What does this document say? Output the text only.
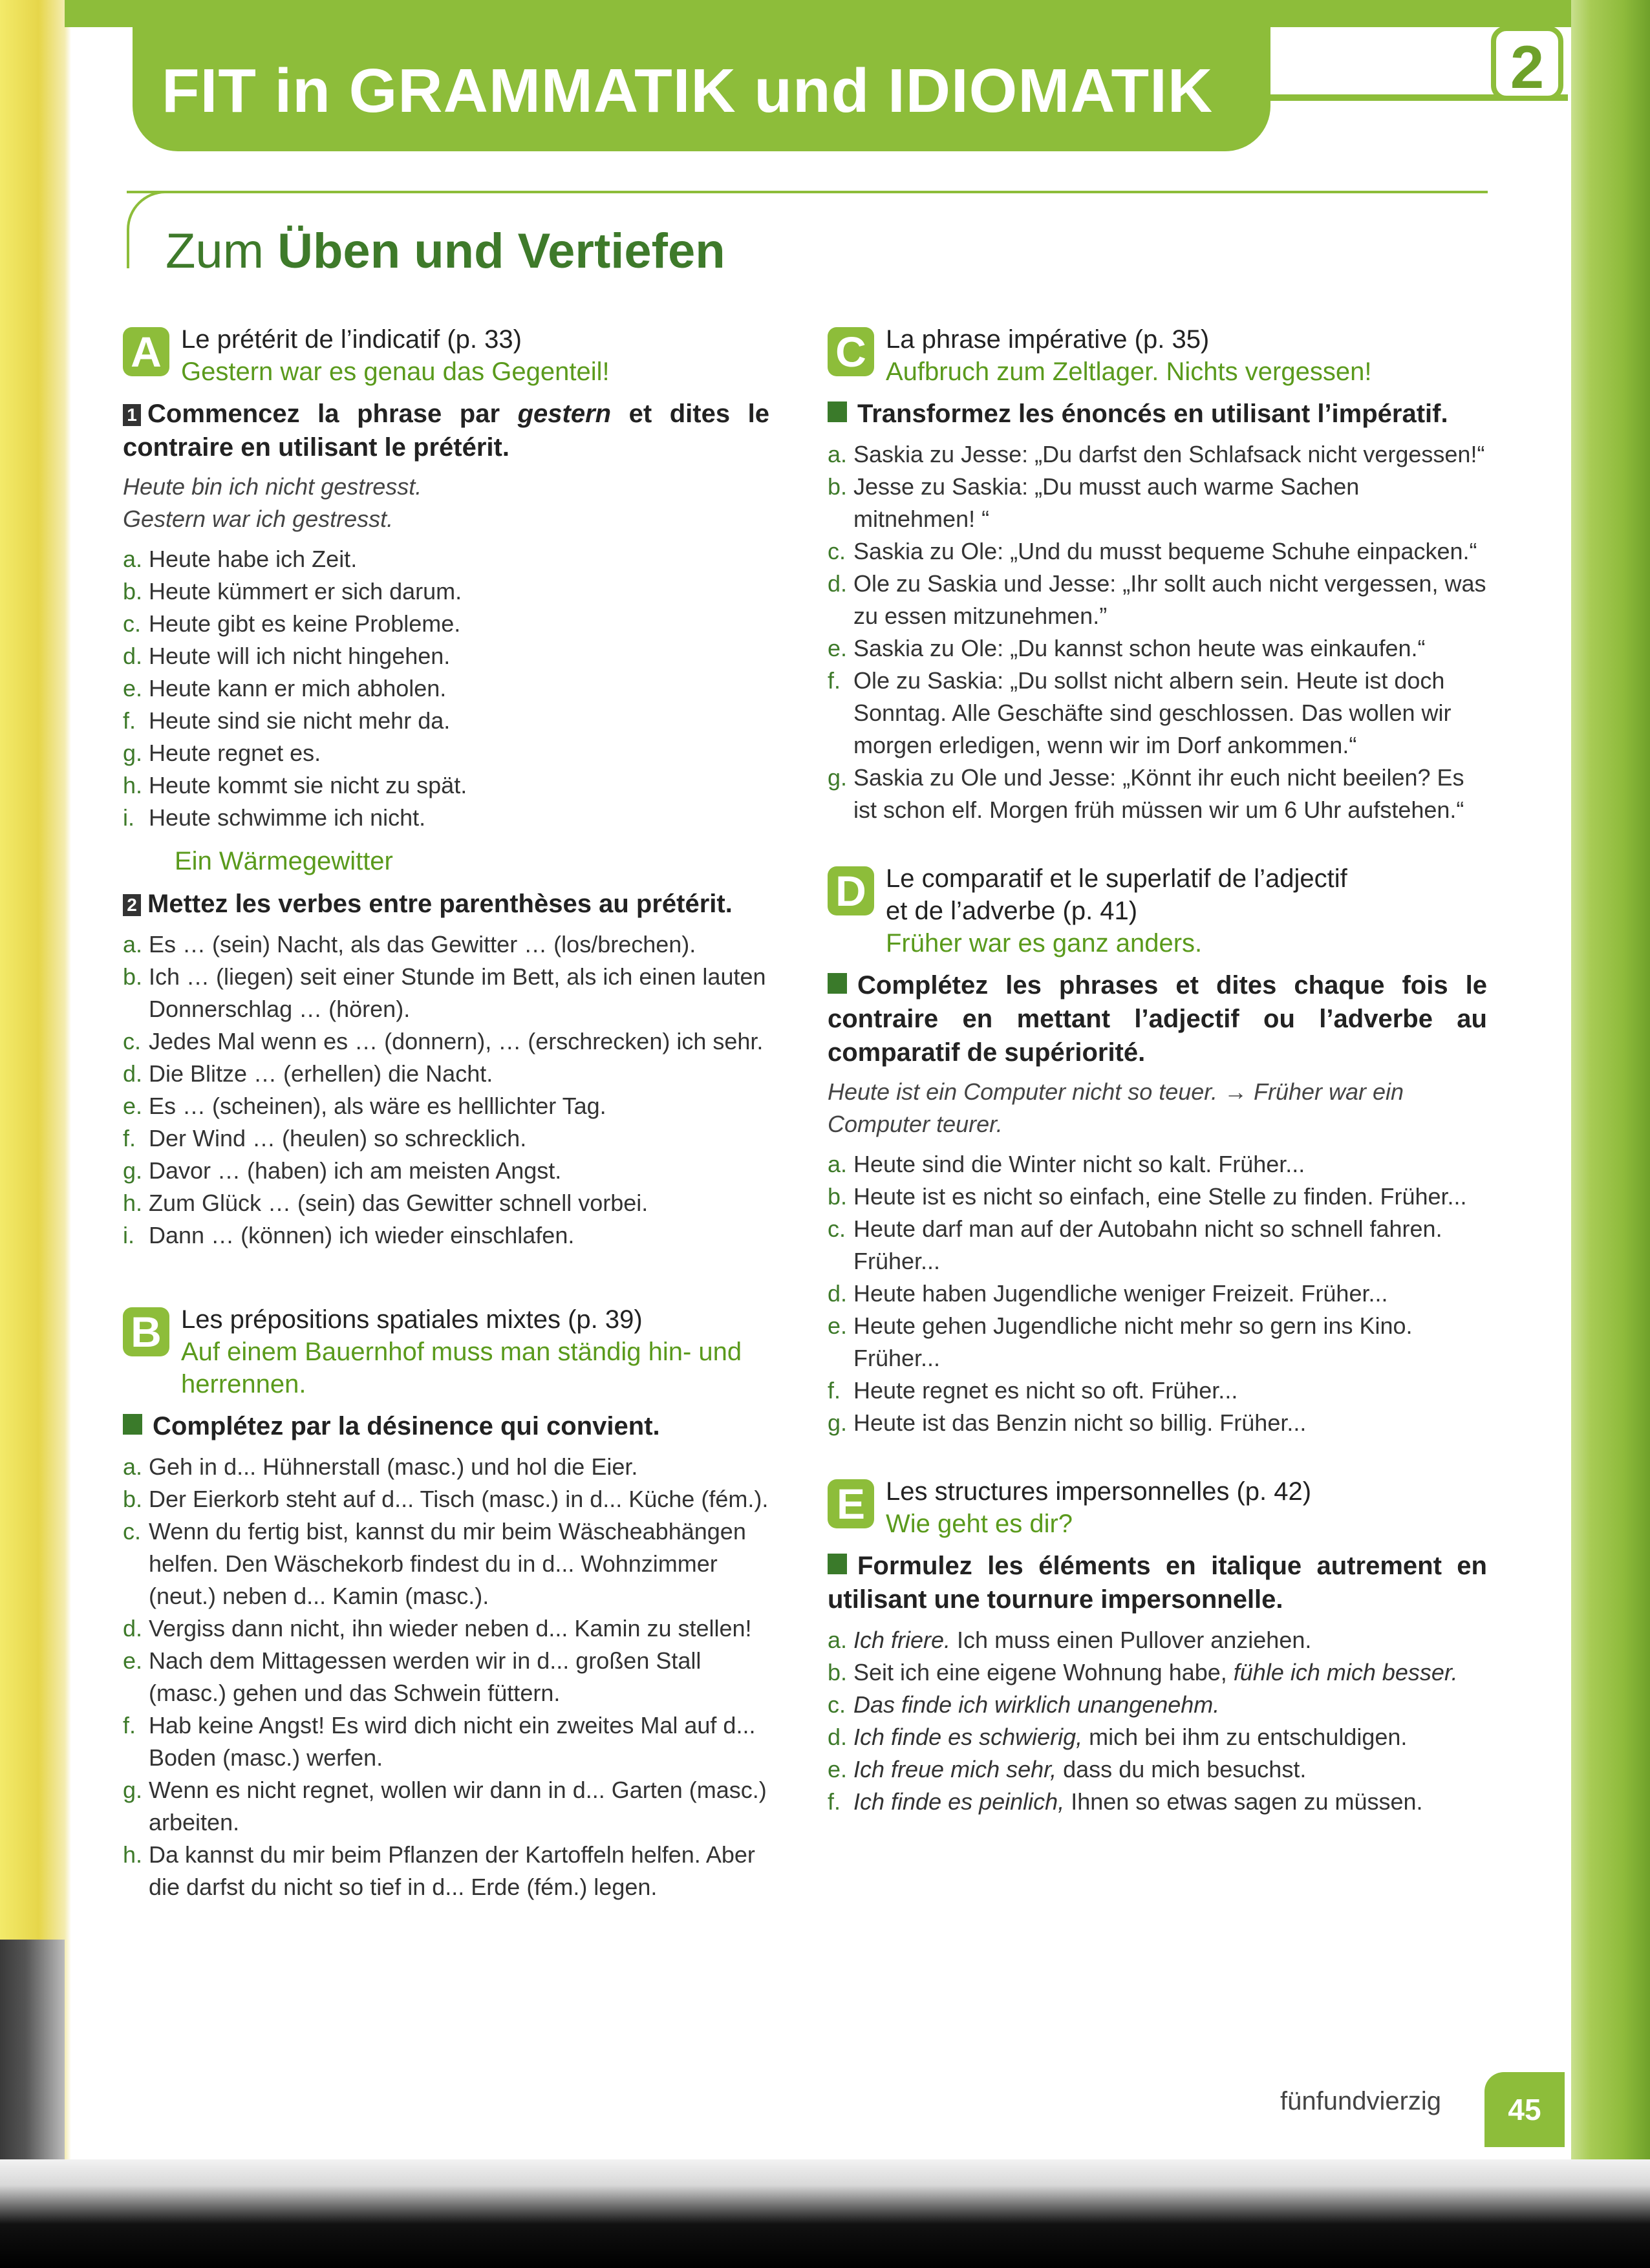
FIT in GRAMMATIK und IDIOMATIK	2
Zum Üben und Vertiefen
A Le prétérit de l’indicatif (p. 33)
Gestern war es genau das Gegenteil!
1 Commencez la phrase par gestern et dites le contraire en utilisant le prétérit.
Heute bin ich nicht gestresst.
Gestern war ich gestresst.
a. Heute habe ich Zeit.
b. Heute kümmert er sich darum.
c. Heute gibt es keine Probleme.
d. Heute will ich nicht hingehen.
e. Heute kann er mich abholen.
f. Heute sind sie nicht mehr da.
g. Heute regnet es.
h. Heute kommt sie nicht zu spät.
i. Heute schwimme ich nicht.
Ein Wärmegewitter
2 Mettez les verbes entre parenthèses au prétérit.
a. Es … (sein) Nacht, als das Gewitter … (los/brechen).
b. Ich … (liegen) seit einer Stunde im Bett, als ich einen lauten Donnerschlag … (hören).
c. Jedes Mal wenn es … (donnern), … (erschrecken) ich sehr.
d. Die Blitze … (erhellen) die Nacht.
e. Es … (scheinen), als wäre es helllichter Tag.
f. Der Wind … (heulen) so schrecklich.
g. Davor … (haben) ich am meisten Angst.
h. Zum Glück … (sein) das Gewitter schnell vorbei.
i. Dann … (können) ich wieder einschlafen.
B Les prépositions spatiales mixtes (p. 39)
Auf einem Bauernhof muss man ständig hin- und herrennen.
Complétez par la désinence qui convient.
a. Geh in d... Hühnerstall (masc.) und hol die Eier.
b. Der Eierkorb steht auf d... Tisch (masc.) in d... Küche (fém.).
c. Wenn du fertig bist, kannst du mir beim Wäscheabhängen helfen. Den Wäschekorb findest du in d... Wohnzimmer (neut.) neben d... Kamin (masc.).
d. Vergiss dann nicht, ihn wieder neben d... Kamin zu stellen!
e. Nach dem Mittagessen werden wir in d... großen Stall (masc.) gehen und das Schwein füttern.
f. Hab keine Angst! Es wird dich nicht ein zweites Mal auf d... Boden (masc.) werfen.
g. Wenn es nicht regnet, wollen wir dann in d... Garten (masc.) arbeiten.
h. Da kannst du mir beim Pflanzen der Kartoffeln helfen. Aber die darfst du nicht so tief in d... Erde (fém.) legen.
C La phrase impérative (p. 35)
Aufbruch zum Zeltlager. Nichts vergessen!
Transformez les énoncés en utilisant l’impératif.
a. Saskia zu Jesse: „Du darfst den Schlafsack nicht vergessen!“
b. Jesse zu Saskia: „Du musst auch warme Sachen mitnehmen! “
c. Saskia zu Ole: „Und du musst bequeme Schuhe einpacken.“
d. Ole zu Saskia und Jesse: „Ihr sollt auch nicht vergessen, was zu essen mitzunehmen.”
e. Saskia zu Ole: „Du kannst schon heute was einkaufen.“
f. Ole zu Saskia: „Du sollst nicht albern sein. Heute ist doch Sonntag. Alle Geschäfte sind geschlossen. Das wollen wir morgen erledigen, wenn wir im Dorf ankommen.“
g. Saskia zu Ole und Jesse: „Könnt ihr euch nicht beeilen? Es ist schon elf. Morgen früh müssen wir um 6 Uhr aufstehen.“
D Le comparatif et le superlatif de l’adjectif
et de l’adverbe (p. 41)
Früher war es ganz anders.
Complétez les phrases et dites chaque fois le contraire en mettant l’adjectif ou l’adverbe au comparatif de supériorité.
Heute ist ein Computer nicht so teuer. → Früher war ein Computer teurer.
a. Heute sind die Winter nicht so kalt. Früher...
b. Heute ist es nicht so einfach, eine Stelle zu finden. Früher...
c. Heute darf man auf der Autobahn nicht so schnell fahren. Früher...
d. Heute haben Jugendliche weniger Freizeit. Früher...
e. Heute gehen Jugendliche nicht mehr so gern ins Kino. Früher...
f. Heute regnet es nicht so oft. Früher...
g. Heute ist das Benzin nicht so billig. Früher...
E Les structures impersonnelles (p. 42)
Wie geht es dir?
Formulez les éléments en italique autrement en utilisant une tournure impersonnelle.
a. Ich friere. Ich muss einen Pullover anziehen.
b. Seit ich eine eigene Wohnung habe, fühle ich mich besser.
c. Das finde ich wirklich unangenehm.
d. Ich finde es schwierig, mich bei ihm zu entschuldigen.
e. Ich freue mich sehr, dass du mich besuchst.
f. Ich finde es peinlich, Ihnen so etwas sagen zu müssen.
fünfundvierzig	45
